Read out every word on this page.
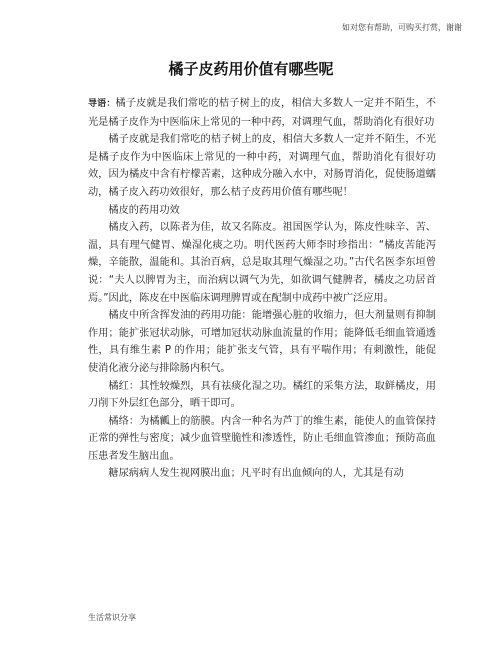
如对您有帮助，可购买打赏，谢谢
橘子皮药用价值有哪些呢

导语：橘子皮就是我们常吃的桔子树上的皮，相信大多数人一定并不陌生，不光是橘子皮作为中医临床上常见的一种中药，对调理气血，帮助消化有很好功

橘子皮就是我们常吃的桔子树上的皮，相信大多数人一定并不陌生，不光是橘子皮作为中医临床上常见的一种中药，对调理气血，帮助消化有很好功效，因为橘皮中含有柠檬苦素，这种成分融入水中，对肠胃消化，促使肠道蠕动，橘子皮入药功效很好，那么桔子皮药用价值有哪些呢！

橘皮的药用功效

橘皮入药，以陈者为佳，故又名陈皮。祖国医学认为，陈皮性味辛、苦、温，具有理气健胃、燥湿化痰之功。明代医药大师李时珍指出：“橘皮苦能泻燥，辛能散，温能和。其治百病，总是取其理气燥湿之功。”古代名医李东垣曾说：“夫人以脾胃为主，而治病以调气为先，如欲调气健脾者，橘皮之功居首焉。”因此，陈皮在中医临床调理脾胃或在配制中成药中被广泛应用。

橘皮中所含挥发油的药用功能：能增强心脏的收缩力，但大剂量则有抑制作用；能扩张冠状动脉，可增加冠状动脉血流量的作用；能降低毛细血管通透性，具有维生素 P 的作用；能扩张支气管，具有平喘作用；有刺激性，能促使消化液分泌与排除肠内积气。

橘红：其性较燥烈，具有祛痰化湿之功。橘红的采集方法，取鲜橘皮，用刀削下外层红色部分，晒干即可。

橘络：为橘瓤上的筋膜。内含一种名为芦丁的维生素，能使人的血管保持正常的弹性与密度；减少血管壁脆性和渗透性，防止毛细血管渗血；预防高血压患者发生脑出血。

糖尿病病人发生视网膜出血；凡平时有出血倾向的人，尤其是有动

生活常识分享
